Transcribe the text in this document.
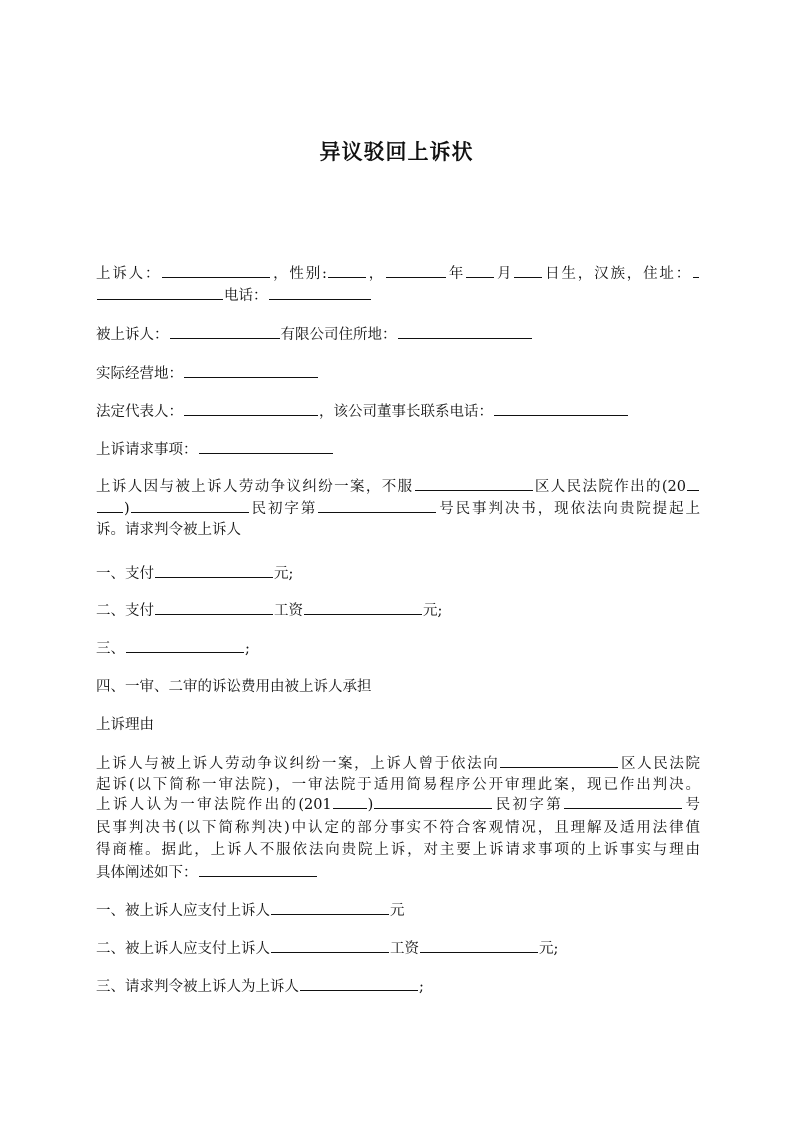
异议驳回上诉状
上诉人：	，性别:	，	年 月 日生，汉族，住址：
电话：
被上诉人：	有限公司住所地：
实际经营地：
法定代表人：	，该公司董事长联系电话：
上诉请求事项：
上诉人因与被上诉人劳动争议纠纷一案，不服	区人民法院作出的(20
)	民初字第	号民事判决书，现依法向贵院提起上
诉。请求判令被上诉人
一、支付	元;
二、支付	工资	元;
三、	;
四、一审、二审的诉讼费用由被上诉人承担
上诉理由
上诉人与被上诉人劳动争议纠纷一案，上诉人曾于依法向	区人民法院
起诉(以下简称一审法院)，一审法院于适用简易程序公开审理此案，现已作出判决。
上诉人认为一审法院作出的(201 )	民初字第	号
民事判决书(以下简称判决)中认定的部分事实不符合客观情况，且理解及适用法律值
得商榷。据此，上诉人不服依法向贵院上诉，对主要上诉请求事项的上诉事实与理由
具体阐述如下：
一、被上诉人应支付上诉人	元
二、被上诉人应支付上诉人	工资	元;
三、请求判令被上诉人为上诉人	;
